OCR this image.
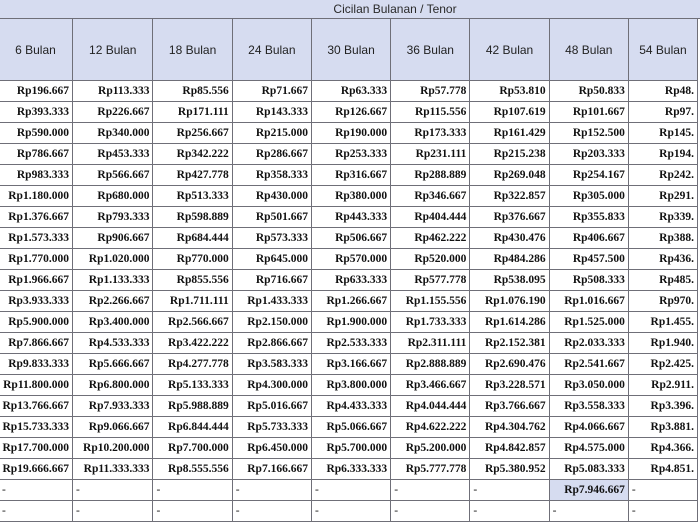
Cicilan Bulanan / Tenor
6 Bulan	12 Bulan	18 Bulan	24 Bulan	30 Bulan	36 Bulan	42 Bulan	48 Bulan	54 Bulan
Rp196.667	Rp113.333	Rp85.556	Rp71.667	Rp63.333	Rp57.778	Rp53.810	Rp50.833	Rp48.
Rp393.333	Rp226.667	Rp171.111	Rp143.333	Rp126.667	Rp115.556	Rp107.619	Rp101.667	Rp97.
Rp590.000	Rp340.000	Rp256.667	Rp215.000	Rp190.000	Rp173.333	Rp161.429	Rp152.500	Rp145.
Rp786.667	Rp453.333	Rp342.222	Rp286.667	Rp253.333	Rp231.111	Rp215.238	Rp203.333	Rp194.
Rp983.333	Rp566.667	Rp427.778	Rp358.333	Rp316.667	Rp288.889	Rp269.048	Rp254.167	Rp242.
Rp1.180.000	Rp680.000	Rp513.333	Rp430.000	Rp380.000	Rp346.667	Rp322.857	Rp305.000	Rp291.
Rp1.376.667	Rp793.333	Rp598.889	Rp501.667	Rp443.333	Rp404.444	Rp376.667	Rp355.833	Rp339.
Rp1.573.333	Rp906.667	Rp684.444	Rp573.333	Rp506.667	Rp462.222	Rp430.476	Rp406.667	Rp388.
Rp1.770.000	Rp1.020.000	Rp770.000	Rp645.000	Rp570.000	Rp520.000	Rp484.286	Rp457.500	Rp436.
Rp1.966.667	Rp1.133.333	Rp855.556	Rp716.667	Rp633.333	Rp577.778	Rp538.095	Rp508.333	Rp485.
Rp3.933.333	Rp2.266.667	Rp1.711.111	Rp1.433.333	Rp1.266.667	Rp1.155.556	Rp1.076.190	Rp1.016.667	Rp970.
Rp5.900.000	Rp3.400.000	Rp2.566.667	Rp2.150.000	Rp1.900.000	Rp1.733.333	Rp1.614.286	Rp1.525.000	Rp1.455.
Rp7.866.667	Rp4.533.333	Rp3.422.222	Rp2.866.667	Rp2.533.333	Rp2.311.111	Rp2.152.381	Rp2.033.333	Rp1.940.
Rp9.833.333	Rp5.666.667	Rp4.277.778	Rp3.583.333	Rp3.166.667	Rp2.888.889	Rp2.690.476	Rp2.541.667	Rp2.425.
Rp11.800.000	Rp6.800.000	Rp5.133.333	Rp4.300.000	Rp3.800.000	Rp3.466.667	Rp3.228.571	Rp3.050.000	Rp2.911.
Rp13.766.667	Rp7.933.333	Rp5.988.889	Rp5.016.667	Rp4.433.333	Rp4.044.444	Rp3.766.667	Rp3.558.333	Rp3.396.
Rp15.733.333	Rp9.066.667	Rp6.844.444	Rp5.733.333	Rp5.066.667	Rp4.622.222	Rp4.304.762	Rp4.066.667	Rp3.881.
Rp17.700.000	Rp10.200.000	Rp7.700.000	Rp6.450.000	Rp5.700.000	Rp5.200.000	Rp4.842.857	Rp4.575.000	Rp4.366.
Rp19.666.667	Rp11.333.333	Rp8.555.556	Rp7.166.667	Rp6.333.333	Rp5.777.778	Rp5.380.952	Rp5.083.333	Rp4.851.
-	-	-	-	-	-	-	Rp7.946.667	-
-	-	-	-	-	-	-	-	-
